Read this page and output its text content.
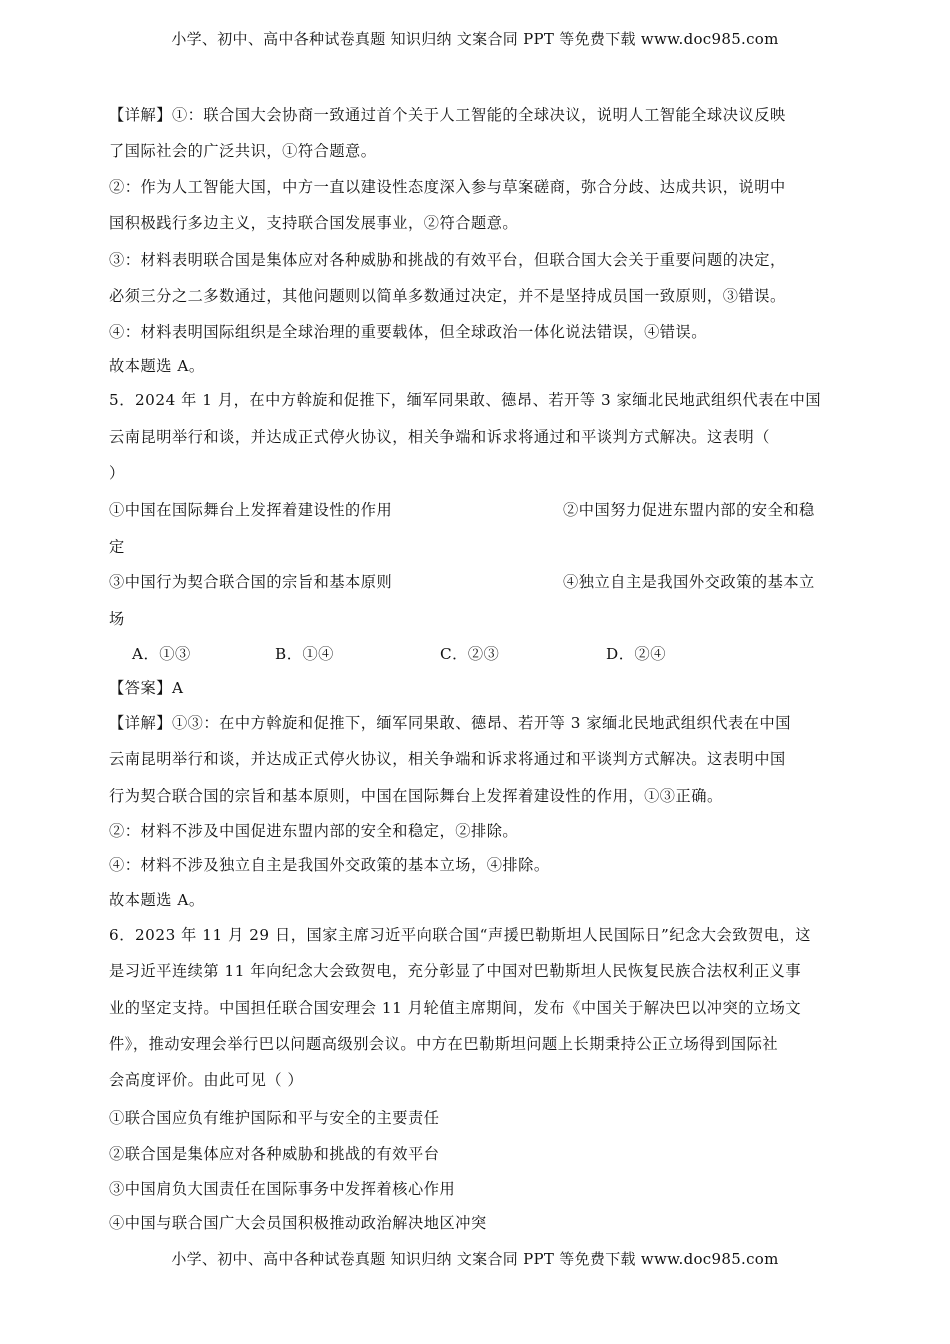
小学、初中、高中各种试卷真题 知识归纳 文案合同 PPT 等免费下载 www.doc985.com
【详解】①：联合国大会协商一致通过首个关于人工智能的全球决议，说明人工智能全球决议反映
了国际社会的广泛共识，①符合题意。
②：作为人工智能大国，中方一直以建设性态度深入参与草案磋商，弥合分歧、达成共识，说明中
国积极践行多边主义，支持联合国发展事业，②符合题意。
③：材料表明联合国是集体应对各种威胁和挑战的有效平台，但联合国大会关于重要问题的决定，
必须三分之二多数通过，其他问题则以简单多数通过决定，并不是坚持成员国一致原则，③错误。
④：材料表明国际组织是全球治理的重要载体，但全球政治一体化说法错误，④错误。
故本题选 A。
5．2024 年 1 月，在中方斡旋和促推下，缅军同果敢、德昂、若开等 3 家缅北民地武组织代表在中国
云南昆明举行和谈，并达成正式停火协议，相关争端和诉求将通过和平谈判方式解决。这表明（
）
①中国在国际舞台上发挥着建设性的作用	②中国努力促进东盟内部的安全和稳
定
③中国行为契合联合国的宗旨和基本原则	④独立自主是我国外交政策的基本立
场
A．①③	B．①④	C．②③	D．②④
【答案】A
【详解】①③：在中方斡旋和促推下，缅军同果敢、德昂、若开等 3 家缅北民地武组织代表在中国
云南昆明举行和谈，并达成正式停火协议，相关争端和诉求将通过和平谈判方式解决。这表明中国
行为契合联合国的宗旨和基本原则，中国在国际舞台上发挥着建设性的作用，①③正确。
②：材料不涉及中国促进东盟内部的安全和稳定，②排除。
④：材料不涉及独立自主是我国外交政策的基本立场，④排除。
故本题选 A。
6．2023 年 11 月 29 日，国家主席习近平向联合国“声援巴勒斯坦人民国际日”纪念大会致贺电，这
是习近平连续第 11 年向纪念大会致贺电，充分彰显了中国对巴勒斯坦人民恢复民族合法权利正义事
业的坚定支持。中国担任联合国安理会 11 月轮值主席期间，发布《中国关于解决巴以冲突的立场文
件》，推动安理会举行巴以问题高级别会议。中方在巴勒斯坦问题上长期秉持公正立场得到国际社
会高度评价。由此可见（ ）
①联合国应负有维护国际和平与安全的主要责任
②联合国是集体应对各种威胁和挑战的有效平台
③中国肩负大国责任在国际事务中发挥着核心作用
④中国与联合国广大会员国积极推动政治解决地区冲突
小学、初中、高中各种试卷真题 知识归纳 文案合同 PPT 等免费下载 www.doc985.com
